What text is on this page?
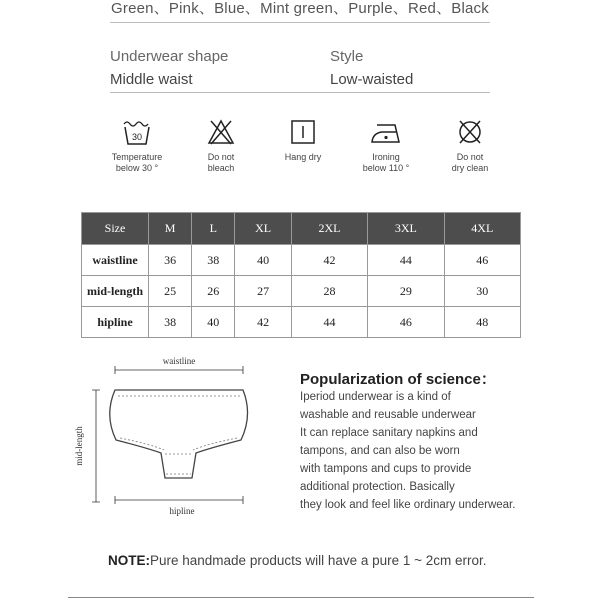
Green、Pink、Blue、Mint green、Purple、Red、Black
Underwear shape
Middle waist
Style
Low-waisted
30
Temperature
below 30 °
Do not
bleach
Hang dry	Ironing
below 110 °
Do not
dry clean
Size	M	L	XL	2XL	3XL	4XL
waistline	36	38	40	42	44	46
mid-length	25	26	27	28	29	30
hipline	38	40	42	44	46	48
waistline
mid-length
hipline
Popularization of science：
Iperiod underwear is a kind of
washable and reusable underwear
It can replace sanitary napkins and
tampons, and can also be worn
with tampons and cups to provide
additional protection. Basically
they look and feel like ordinary underwear.
NOTE:Pure handmade products will have a pure 1 ~ 2cm error.
